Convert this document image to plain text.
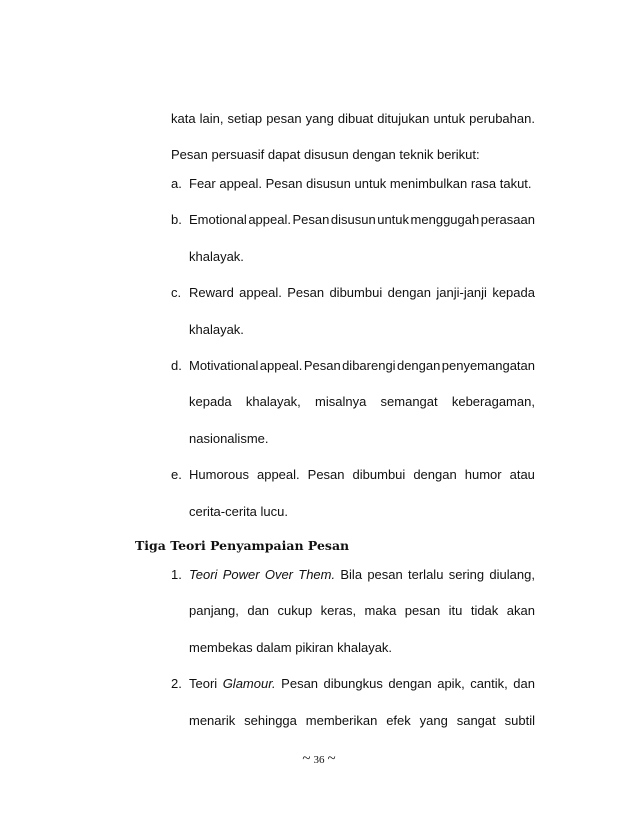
kata lain, setiap pesan yang dibuat ditujukan untuk perubahan.
Pesan persuasif dapat disusun dengan teknik berikut:
a. Fear appeal. Pesan disusun untuk menimbulkan rasa takut.
b. Emotional appeal. Pesan disusun untuk menggugah perasaan
khalayak.
c. Reward appeal. Pesan dibumbui dengan janji-janji kepada
khalayak.
d. Motivational appeal. Pesan dibarengi dengan penyemangatan
kepada khalayak, misalnya semangat keberagaman,
nasionalisme.
e. Humorous appeal. Pesan dibumbui dengan humor atau
cerita-cerita lucu.
Tiga Teori Penyampaian Pesan
1. Teori Power Over Them. Bila pesan terlalu sering diulang,
panjang, dan cukup keras, maka pesan itu tidak akan
membekas dalam pikiran khalayak.
2. Teori Glamour. Pesan dibungkus dengan apik, cantik, dan
menarik sehingga memberikan efek yang sangat subtil
~ 36 ~
